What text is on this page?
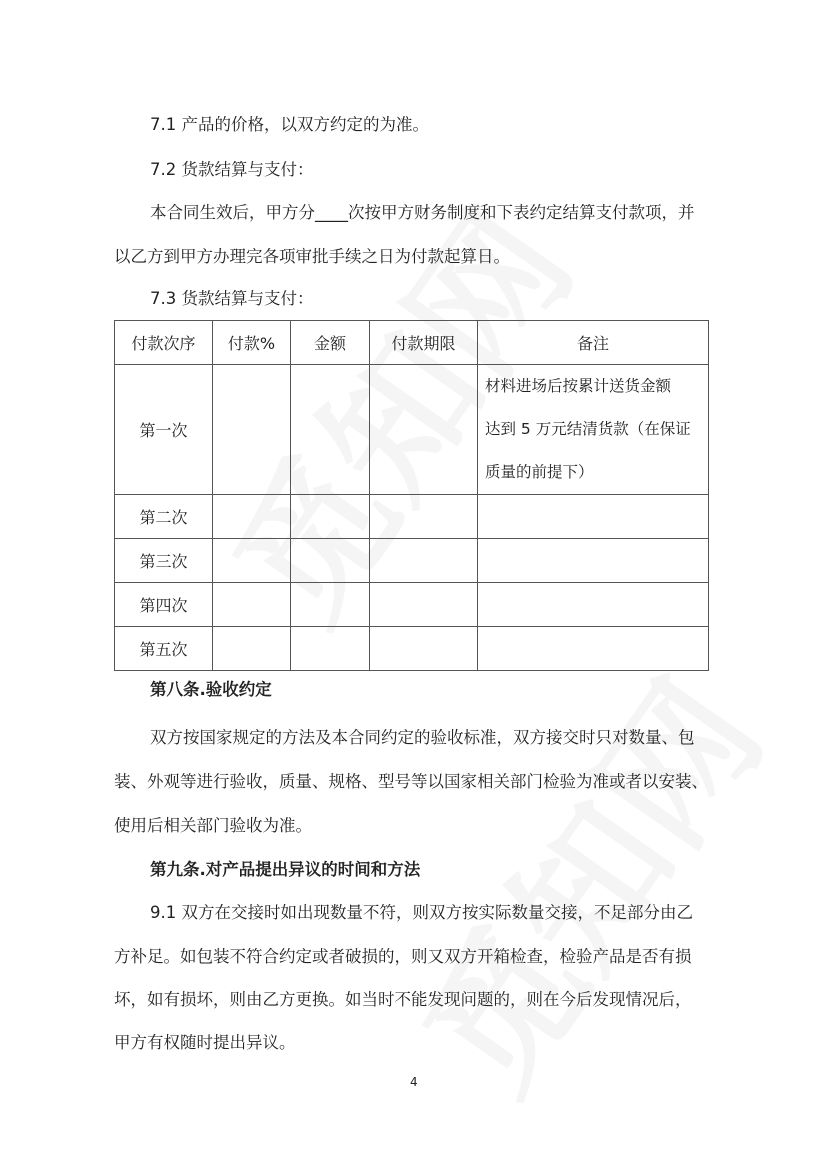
7.1 产品的价格，以双方约定的为准。
7.2 货款结算与支付：
本合同生效后，甲方分____次按甲方财务制度和下表约定结算支付款项，并
以乙方到甲方办理完各项审批手续之日为付款起算日。
7.3 货款结算与支付：
付款次序	付款%	金额	付款期限	备注
第一次				材料进场后按累计送货金额
达到 5 万元结清货款（在保证
质量的前提下）

第二次				
第三次				
第四次				
第五次				
第八条.验收约定
双方按国家规定的方法及本合同约定的验收标准，双方接交时只对数量、包
装、外观等进行验收，质量、规格、型号等以国家相关部门检验为准或者以安装、
使用后相关部门验收为准。
第九条.对产品提出异议的时间和方法
9.1 双方在交接时如出现数量不符，则双方按实际数量交接，不足部分由乙
方补足。如包装不符合约定或者破损的，则又双方开箱检查，检验产品是否有损
坏，如有损坏，则由乙方更换。如当时不能发现问题的，则在今后发现情况后，
甲方有权随时提出异议。
4
